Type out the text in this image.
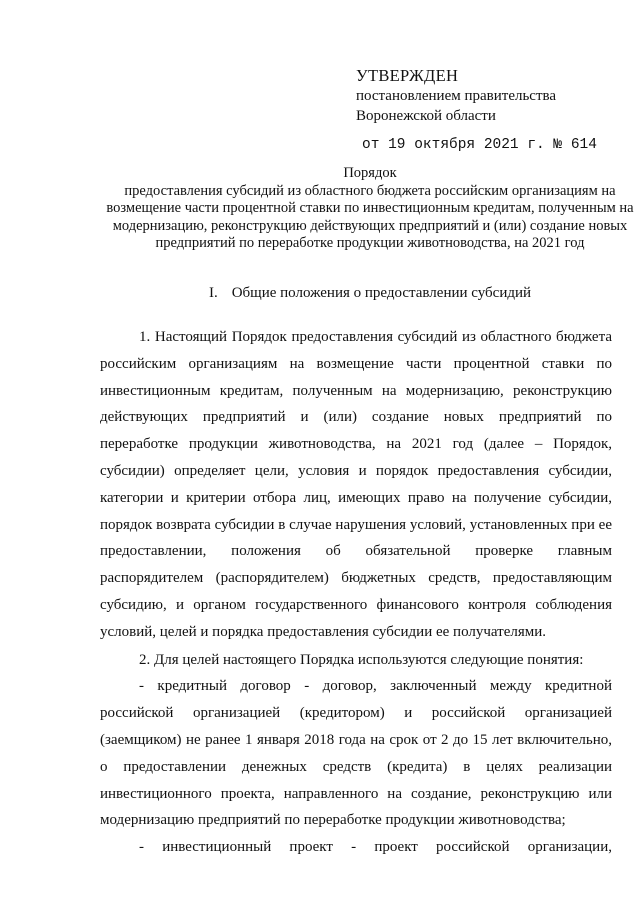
УТВЕРЖДЕН
постановлением правительства
Воронежской области
от 19 октября 2021 г. № 614
Порядок
предоставления субсидий из областного бюджета российским организациям на возмещение части процентной ставки по инвестиционным кредитам, полученным на модернизацию, реконструкцию действующих предприятий и (или) создание новых предприятий по переработке продукции животноводства, на 2021 год
I. Общие положения о предоставлении субсидий

1. Настоящий Порядок предоставления субсидий из областного бюджета российским организациям на возмещение части процентной ставки по инвестиционным кредитам, полученным на модернизацию, реконструкцию действующих предприятий и (или) создание новых предприятий по переработке продукции животноводства, на 2021 год (далее – Порядок, субсидии) определяет цели, условия и порядок предоставления субсидии, категории и критерии отбора лиц, имеющих право на получение субсидии, порядок возврата субсидии в случае нарушения условий, установленных при ее предоставлении, положения об обязательной проверке главным распорядителем (распорядителем) бюджетных средств, предоставляющим субсидию, и органом государственного финансового контроля соблюдения условий, целей и порядка предоставления субсидии ее получателями.

2. Для целей настоящего Порядка используются следующие понятия:

- кредитный договор - договор, заключенный между кредитной российской организацией (кредитором) и российской организацией (заемщиком) не ранее 1 января 2018 года на срок от 2 до 15 лет включительно, о предоставлении денежных средств (кредита) в целях реализации инвестиционного проекта, направленного на создание, реконструкцию или модернизацию предприятий по переработке продукции животноводства;

- инвестиционный проект - проект российской организации,
